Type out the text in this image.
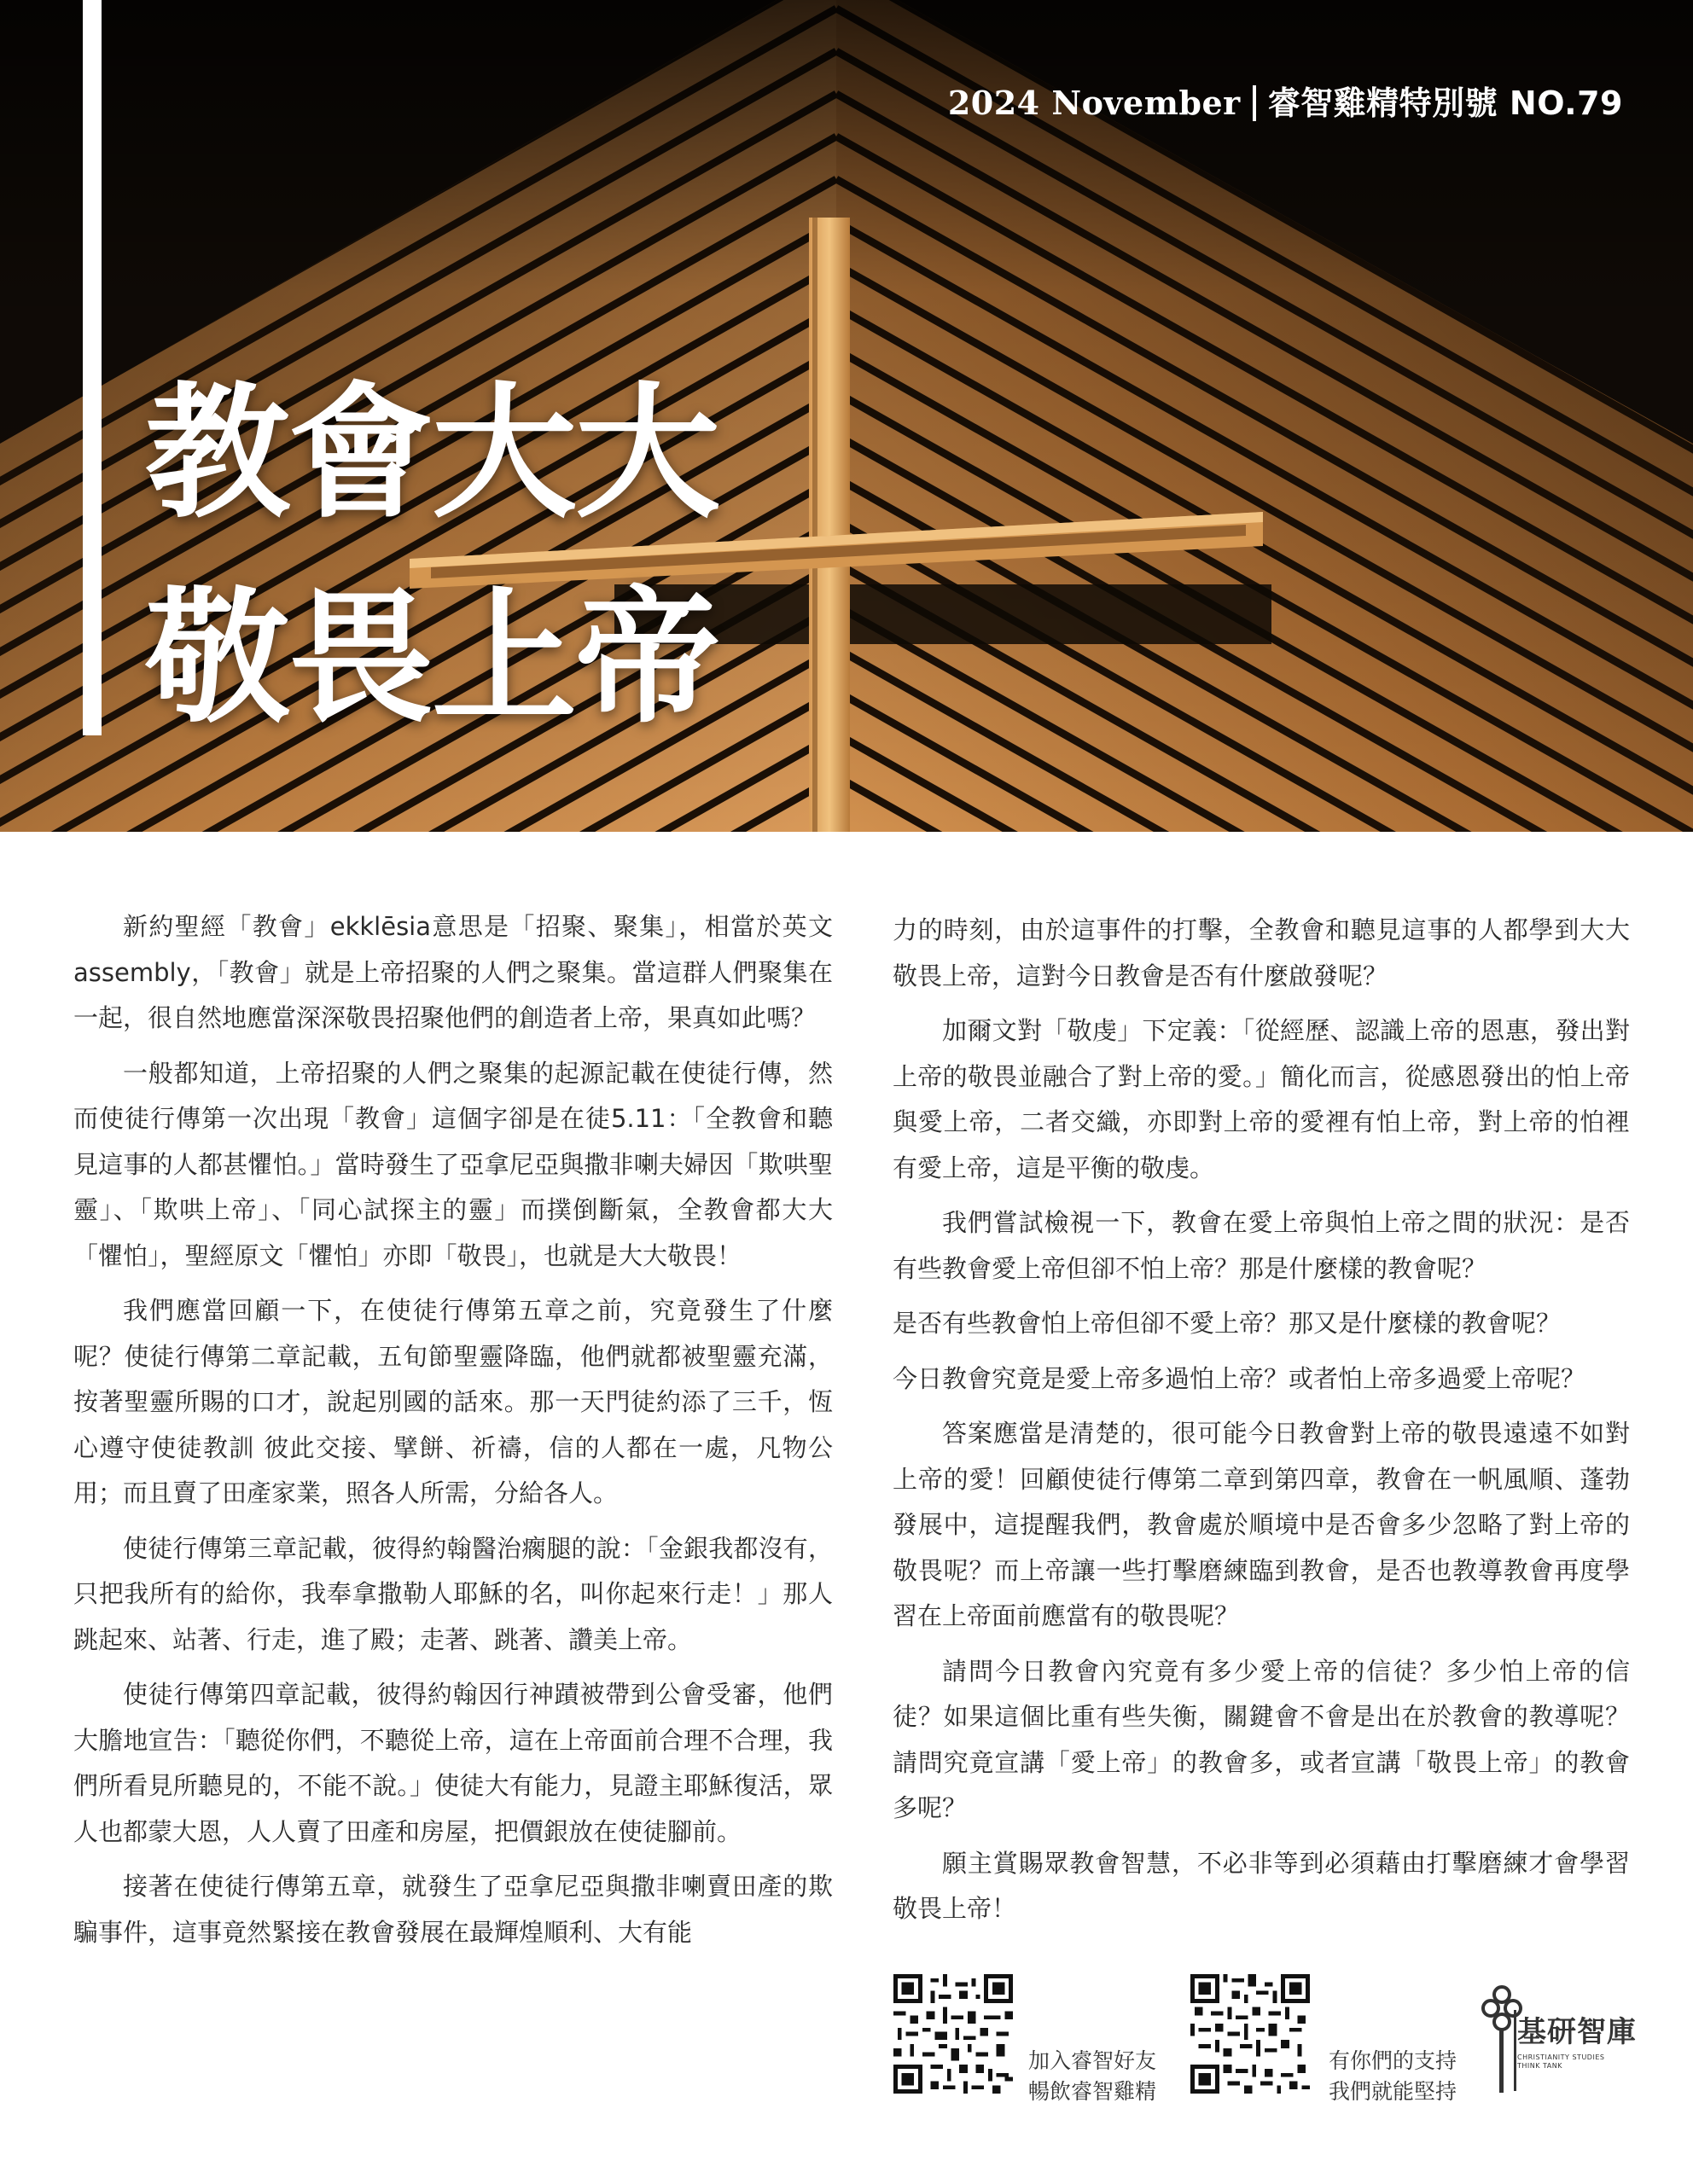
2024 November 睿智雞精特別號 NO.79
教會大大
敬畏上帝

新約聖經「教會」ekklēsia意思是「招聚、聚集」，相當於英文assembly，「教會」就是上帝招聚的人們之聚集。當這群人們聚集在一起，很自然地應當深深敬畏招聚他們的創造者上帝，果真如此嗎？

一般都知道，上帝招聚的人們之聚集的起源記載在使徒行傳，然而使徒行傳第一次出現「教會」這個字卻是在徒5.11：「全教會和聽見這事的人都甚懼怕。」當時發生了亞拿尼亞與撒非喇夫婦因「欺哄聖靈」、「欺哄上帝」、「同心試探主的靈」而撲倒斷氣，全教會都大大「懼怕」，聖經原文「懼怕」亦即「敬畏」，也就是大大敬畏！

我們應當回顧一下，在使徒行傳第五章之前，究竟發生了什麼呢？使徒行傳第二章記載，五旬節聖靈降臨，他們就都被聖靈充滿，按著聖靈所賜的口才，說起別國的話來。那一天門徒約添了三千，恆心遵守使徒教訓 彼此交接、擘餅、祈禱，信的人都在一處，凡物公用；而且賣了田產家業，照各人所需，分給各人。

使徒行傳第三章記載，彼得約翰醫治瘸腿的說：「金銀我都沒有，只把我所有的給你，我奉拿撒勒人耶穌的名，叫你起來行走！」那人跳起來、站著、行走，進了殿；走著、跳著、讚美上帝。

使徒行傳第四章記載，彼得約翰因行神蹟被帶到公會受審，他們大膽地宣告：「聽從你們，不聽從上帝，這在上帝面前合理不合理，我們所看見所聽見的，不能不說。」使徒大有能力，見證主耶穌復活，眾人也都蒙大恩，人人賣了田產和房屋，把價銀放在使徒腳前。

接著在使徒行傳第五章，就發生了亞拿尼亞與撒非喇賣田產的欺騙事件，這事竟然緊接在教會發展在最輝煌順利、大有能

力的時刻，由於這事件的打擊，全教會和聽見這事的人都學到大大敬畏上帝，這對今日教會是否有什麼啟發呢？

加爾文對「敬虔」下定義：「從經歷、認識上帝的恩惠，發出對上帝的敬畏並融合了對上帝的愛。」簡化而言，從感恩發出的怕上帝與愛上帝，二者交織，亦即對上帝的愛裡有怕上帝，對上帝的怕裡有愛上帝，這是平衡的敬虔。

我們嘗試檢視一下，教會在愛上帝與怕上帝之間的狀況：是否有些教會愛上帝但卻不怕上帝？那是什麼樣的教會呢？

是否有些教會怕上帝但卻不愛上帝？那又是什麼樣的教會呢？

今日教會究竟是愛上帝多過怕上帝？或者怕上帝多過愛上帝呢？

答案應當是清楚的，很可能今日教會對上帝的敬畏遠遠不如對上帝的愛！回顧使徒行傳第二章到第四章，教會在一帆風順、蓬勃發展中，這提醒我們，教會處於順境中是否會多少忽略了對上帝的敬畏呢？而上帝讓一些打擊磨練臨到教會，是否也教導教會再度學習在上帝面前應當有的敬畏呢？

請問今日教會內究竟有多少愛上帝的信徒？多少怕上帝的信徒？如果這個比重有些失衡，關鍵會不會是出在於教會的教導呢？請問究竟宣講「愛上帝」的教會多，或者宣講「敬畏上帝」的教會多呢？

願主賞賜眾教會智慧，不必非等到必須藉由打擊磨練才會學習敬畏上帝！

加入睿智好友
暢飲睿智雞精
有你們的支持
我們就能堅持
基研智庫
CHRISTIANITY STUDIES
THINK TANK
